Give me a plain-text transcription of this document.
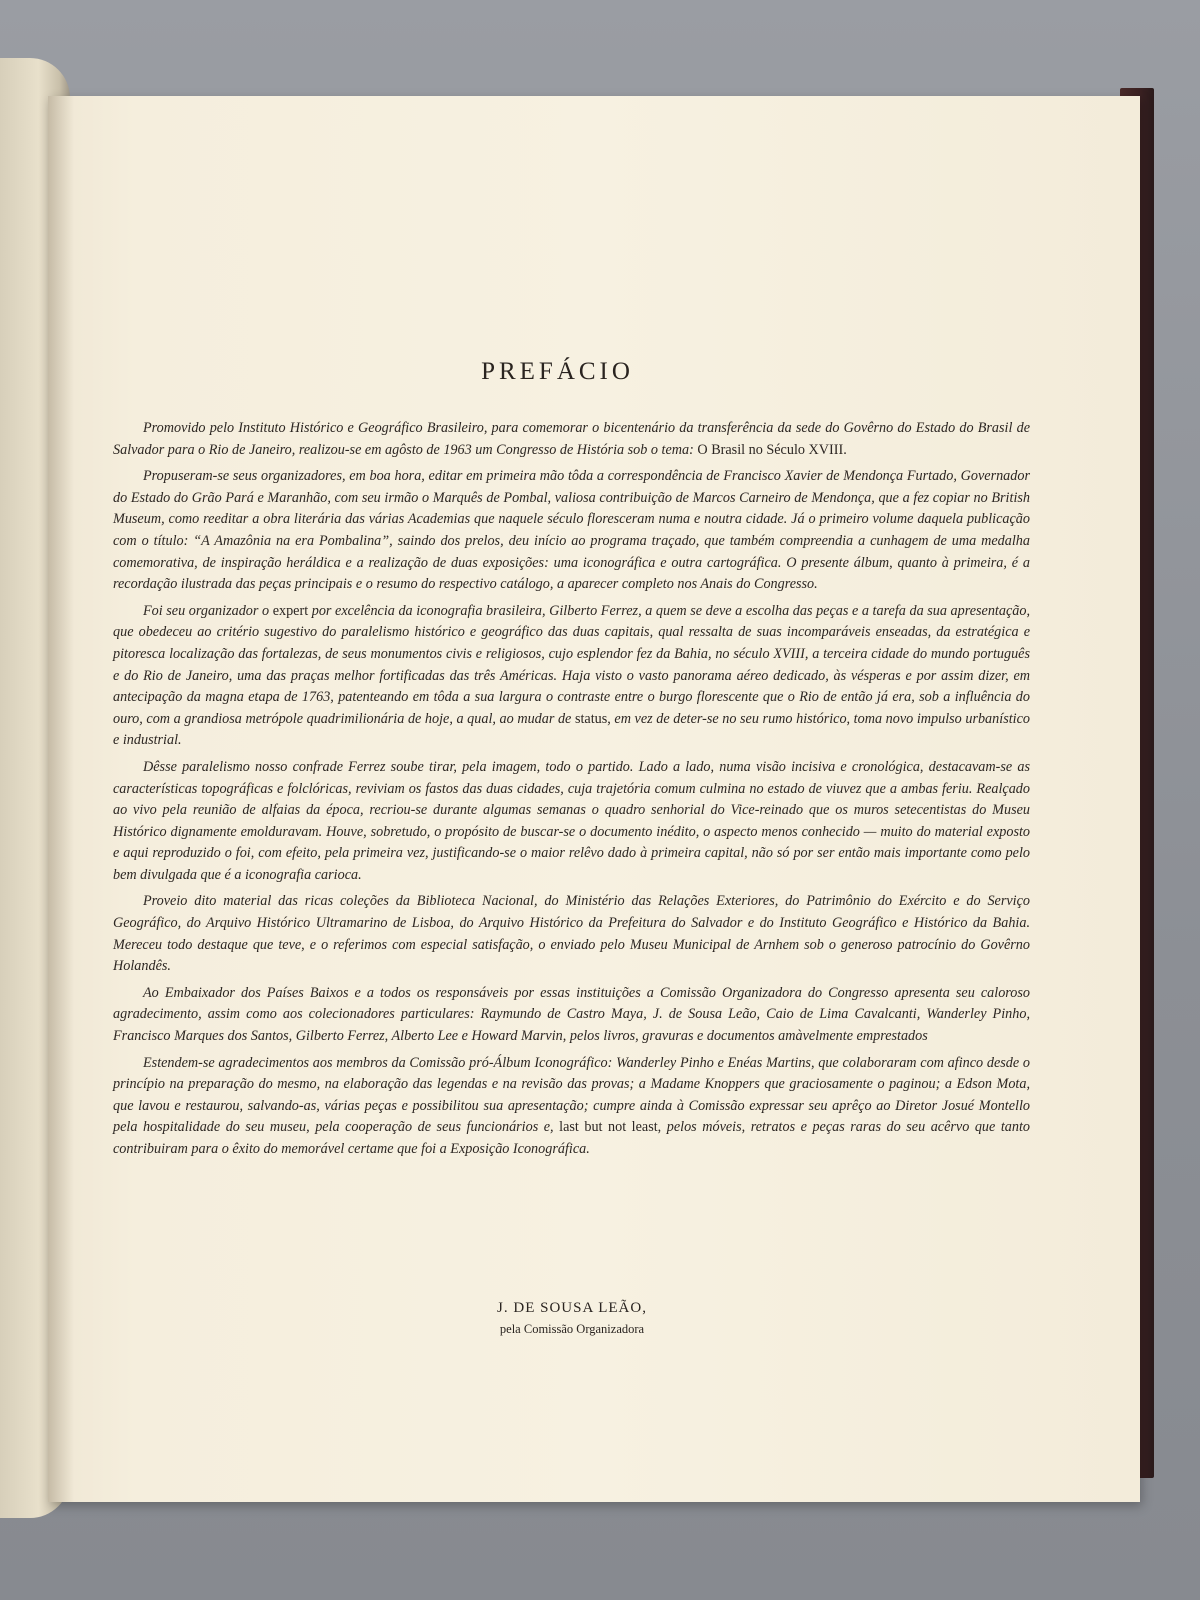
PREFÁCIO

Promovido pelo Instituto Histórico e Geográfico Brasileiro, para comemorar o bicentenário da transferência da sede do Govêrno do Estado do Brasil de Salvador para o Rio de Janeiro, realizou-se em agôsto de 1963 um Congresso de História sob o tema: O Brasil no Século XVIII.

Propuseram-se seus organizadores, em boa hora, editar em primeira mão tôda a correspondência de Francisco Xavier de Mendonça Furtado, Governador do Estado do Grão Pará e Maranhão, com seu irmão o Marquês de Pombal, valiosa contribuição de Marcos Carneiro de Mendonça, que a fez copiar no British Museum, como reeditar a obra literária das várias Academias que naquele século floresceram numa e noutra cidade. Já o primeiro volume daquela publicação com o título: “A Amazônia na era Pombalina”, saindo dos prelos, deu início ao programa traçado, que também compreendia a cunhagem de uma medalha comemorativa, de inspiração heráldica e a realização de duas exposições: uma iconográfica e outra cartográfica. O presente álbum, quanto à primeira, é a recordação ilustrada das peças principais e o resumo do respectivo catálogo, a aparecer completo nos Anais do Congresso.

Foi seu organizador o expert por excelência da iconografia brasileira, Gilberto Ferrez, a quem se deve a escolha das peças e a tarefa da sua apresentação, que obedeceu ao critério sugestivo do paralelismo histórico e geográfico das duas capitais, qual ressalta de suas incomparáveis enseadas, da estratégica e pitoresca localização das fortalezas, de seus monumentos civis e religiosos, cujo esplendor fez da Bahia, no século XVIII, a terceira cidade do mundo português e do Rio de Janeiro, uma das praças melhor fortificadas das três Américas. Haja visto o vasto panorama aéreo dedicado, às vésperas e por assim dizer, em antecipação da magna etapa de 1763, patenteando em tôda a sua largura o contraste entre o burgo florescente que o Rio de então já era, sob a influência do ouro, com a grandiosa metrópole quadrimilionária de hoje, a qual, ao mudar de status, em vez de deter-se no seu rumo histórico, toma novo impulso urbanístico e industrial.

Dêsse paralelismo nosso confrade Ferrez soube tirar, pela imagem, todo o partido. Lado a lado, numa visão incisiva e cronológica, destacavam-se as características topográficas e folclóricas, reviviam os fastos das duas cidades, cuja trajetória comum culmina no estado de viuvez que a ambas feriu. Realçado ao vivo pela reunião de alfaias da época, recriou-se durante algumas semanas o quadro senhorial do Vice-reinado que os muros setecentistas do Museu Histórico dignamente emolduravam. Houve, sobretudo, o propósito de buscar-se o documento inédito, o aspecto menos conhecido — muito do material exposto e aqui reproduzido o foi, com efeito, pela primeira vez, justificando-se o maior relêvo dado à primeira capital, não só por ser então mais importante como pelo bem divulgada que é a iconografia carioca.

Proveio dito material das ricas coleções da Biblioteca Nacional, do Ministério das Relações Exteriores, do Patrimônio do Exército e do Serviço Geográfico, do Arquivo Histórico Ultramarino de Lisboa, do Arquivo Histórico da Prefeitura do Salvador e do Instituto Geográfico e Histórico da Bahia. Mereceu todo destaque que teve, e o referimos com especial satisfação, o enviado pelo Museu Municipal de Arnhem sob o generoso patrocínio do Govêrno Holandês.

Ao Embaixador dos Países Baixos e a todos os responsáveis por essas instituições a Comissão Organizadora do Congresso apresenta seu caloroso agradecimento, assim como aos colecionadores particulares: Raymundo de Castro Maya, J. de Sousa Leão, Caio de Lima Cavalcanti, Wanderley Pinho, Francisco Marques dos Santos, Gilberto Ferrez, Alberto Lee e Howard Marvin, pelos livros, gravuras e documentos amàvelmente emprestados

Estendem-se agradecimentos aos membros da Comissão pró-Álbum Iconográfico: Wanderley Pinho e Enéas Martins, que colaboraram com afinco desde o princípio na preparação do mesmo, na elaboração das legendas e na revisão das provas; a Madame Knoppers que graciosamente o paginou; a Edson Mota, que lavou e restaurou, salvando-as, várias peças e possibilitou sua apresentação; cumpre ainda à Comissão expressar seu aprêço ao Diretor Josué Montello pela hospitalidade do seu museu, pela cooperação de seus funcionários e, last but not least, pelos móveis, retratos e peças raras do seu acêrvo que tanto contribuiram para o êxito do memorável certame que foi a Exposição Iconográfica.

J. DE SOUSA LEÃO,
pela Comissão Organizadora
